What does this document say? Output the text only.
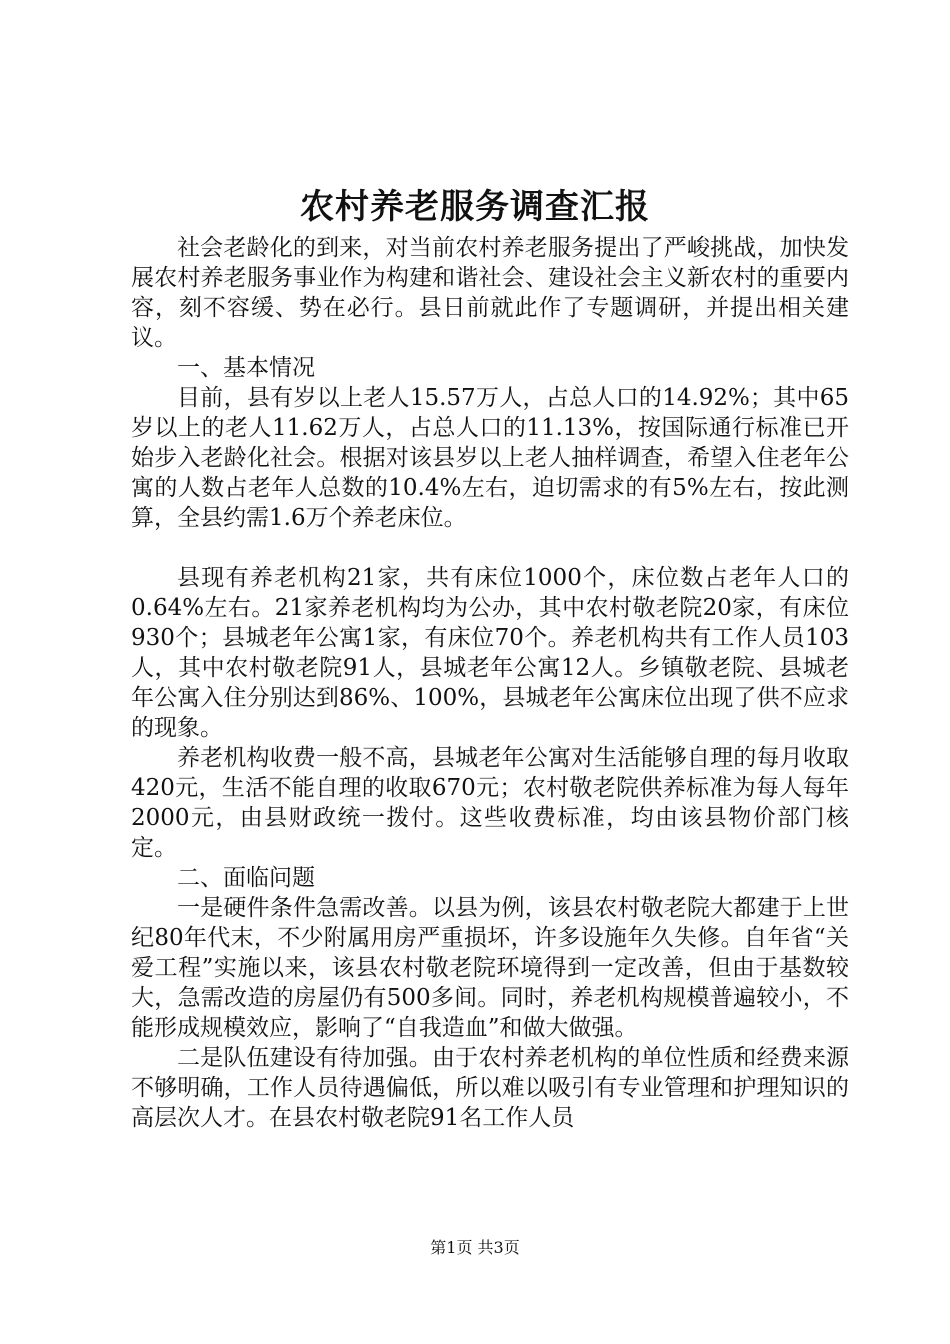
农村养老服务调查汇报

社会老龄化的到来，对当前农村养老服务提出了严峻挑战，加快发展农村养老服务事业作为构建和谐社会、建设社会主义新农村的重要内容，刻不容缓、势在必行。县日前就此作了专题调研，并提出相关建议。

一、基本情况

目前，县有岁以上老人15.57万人，占总人口的14.92%；其中65岁以上的老人11.62万人，占总人口的11.13%，按国际通行标准已开始步入老龄化社会。根据对该县岁以上老人抽样调查，希望入住老年公寓的人数占老年人总数的10.4%左右，迫切需求的有5%左右，按此测算，全县约需1.6万个养老床位。

县现有养老机构21家，共有床位1000个，床位数占老年人口的0.64%左右。21家养老机构均为公办，其中农村敬老院20家，有床位930个；县城老年公寓1家，有床位70个。养老机构共有工作人员103人，其中农村敬老院91人，县城老年公寓12人。乡镇敬老院、县城老年公寓入住分别达到86%、100%，县城老年公寓床位出现了供不应求的现象。

养老机构收费一般不高，县城老年公寓对生活能够自理的每月收取420元，生活不能自理的收取670元；农村敬老院供养标准为每人每年2000元，由县财政统一拨付。这些收费标准，均由该县物价部门核定。

二、面临问题

一是硬件条件急需改善。以县为例，该县农村敬老院大都建于上世纪80年代末，不少附属用房严重损坏，许多设施年久失修。自年省“关爱工程”实施以来，该县农村敬老院环境得到一定改善，但由于基数较大，急需改造的房屋仍有500多间。同时，养老机构规模普遍较小，不能形成规模效应，影响了“自我造血”和做大做强。

二是队伍建设有待加强。由于农村养老机构的单位性质和经费来源不够明确，工作人员待遇偏低，所以难以吸引有专业管理和护理知识的高层次人才。在县农村敬老院91名工作人员

第1页 共3页
